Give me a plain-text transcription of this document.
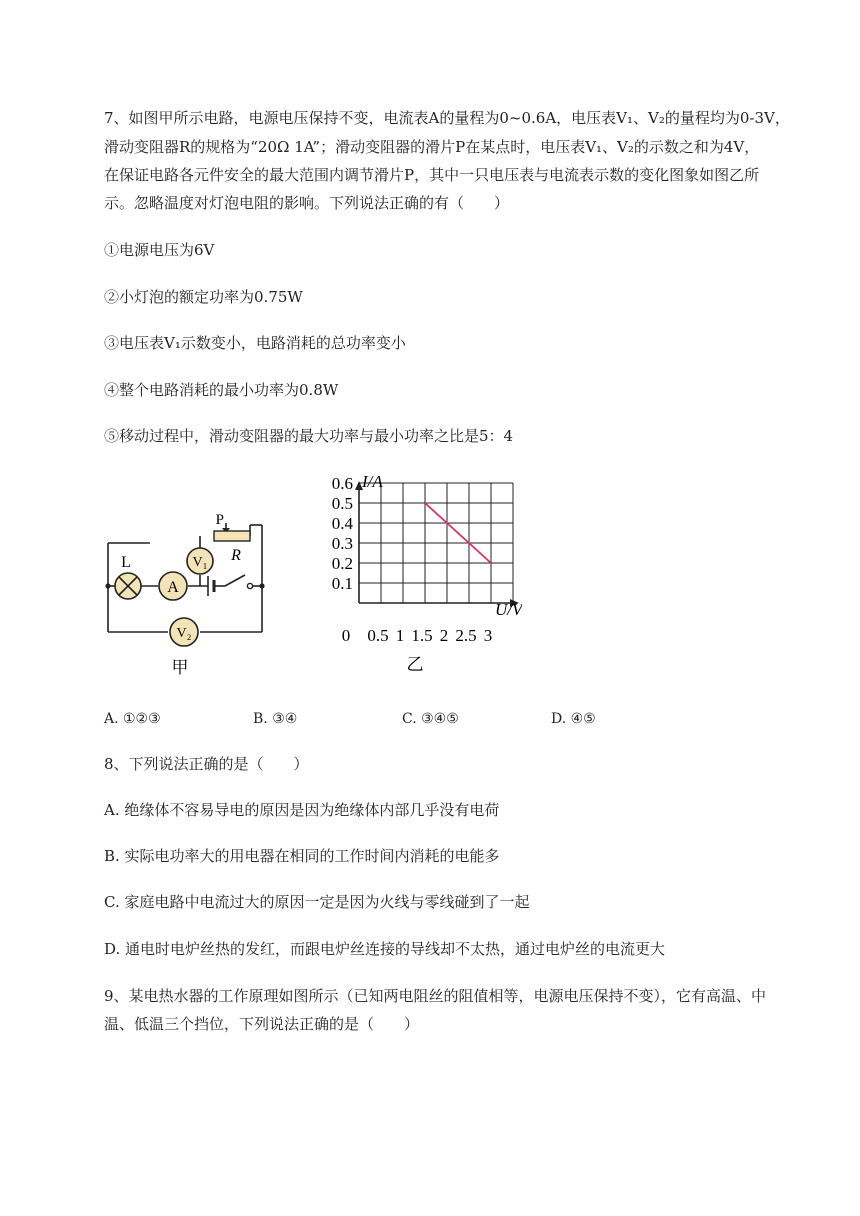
7、如图甲所示电路，电源电压保持不变，电流表A的量程为0~0.6A，电压表V₁、V₂的量程均为0-3V，
滑动变阻器R的规格为“20Ω 1A”；滑动变阻器的滑片P在某点时，电压表V₁、V₂的示数之和为4V，
在保证电路各元件安全的最大范围内调节滑片P，其中一只电压表与电流表示数的变化图象如图乙所
示。忽略温度对灯泡电阻的影响。下列说法正确的有（　　）
①电源电压为6V
②小灯泡的额定功率为0.75W
③电压表V₁示数变小，电路消耗的总功率变小
④整个电路消耗的最小功率为0.8W
⑤移动过程中，滑动变阻器的最大功率与最小功率之比是5：4
L
A
V₁
V₂
P
R
甲
I/A
U/V
0
0.1
0.2
0.3
0.4
0.5
0.6
0.5 1 1.5 2 2.5 3
乙
A. ①②③	B. ③④	C. ③④⑤	D. ④⑤
8、下列说法正确的是（　　）
A. 绝缘体不容易导电的原因是因为绝缘体内部几乎没有电荷
B. 实际电功率大的用电器在相同的工作时间内消耗的电能多
C. 家庭电路中电流过大的原因一定是因为火线与零线碰到了一起
D. 通电时电炉丝热的发红，而跟电炉丝连接的导线却不太热，通过电炉丝的电流更大
9、某电热水器的工作原理如图所示（已知两电阻丝的阻值相等，电源电压保持不变），它有高温、中
温、低温三个挡位，下列说法正确的是（　　）
